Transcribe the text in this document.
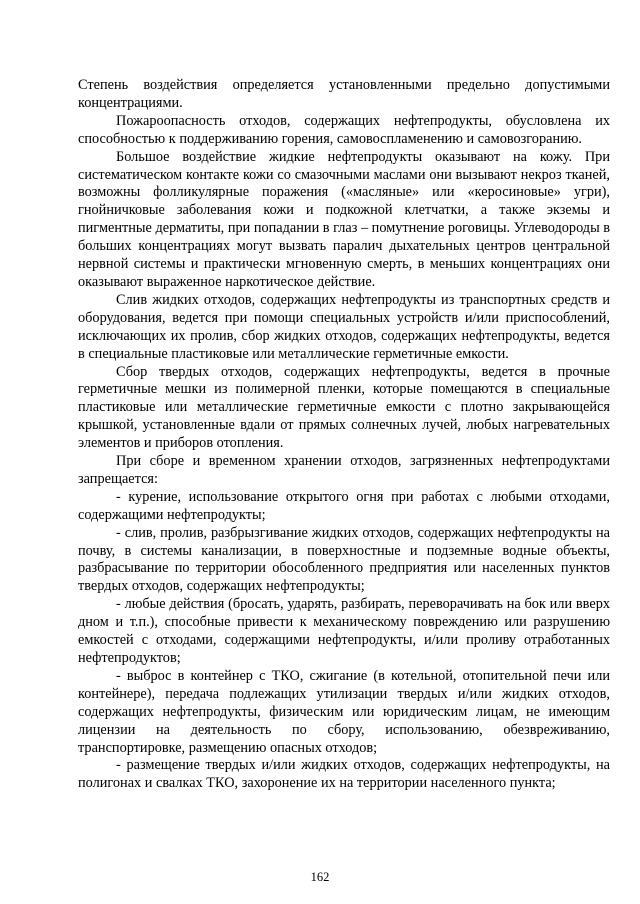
Степень воздействия определяется установленными предельно допустимыми концентрациями.

Пожароопасность отходов, содержащих нефтепродукты, обусловлена их способностью к поддерживанию горения, самовоспламенению и самовозгоранию.

Большое воздействие жидкие нефтепродукты оказывают на кожу. При систематическом контакте кожи со смазочными маслами они вызывают некроз тканей, возможны фолликулярные поражения («масляные» или «керосиновые» угри), гнойничковые заболевания кожи и подкожной клетчатки, а также экземы и пигментные дерматиты, при попадании в глаз – помутнение роговицы. Углеводороды в больших концентрациях могут вызвать паралич дыхательных центров центральной нервной системы и практически мгновенную смерть, в меньших концентрациях они оказывают выраженное наркотическое действие.

Слив жидких отходов, содержащих нефтепродукты из транспортных средств и оборудования, ведется при помощи специальных устройств и/или приспособлений, исключающих их пролив, сбор жидких отходов, содержащих нефтепродукты, ведется в специальные пластиковые или металлические герметичные емкости.

Сбор твердых отходов, содержащих нефтепродукты, ведется в прочные герметичные мешки из полимерной пленки, которые помещаются в специальные пластиковые или металлические герметичные емкости с плотно закрывающейся крышкой, установленные вдали от прямых солнечных лучей, любых нагревательных элементов и приборов отопления.

При сборе и временном хранении отходов, загрязненных нефтепродуктами запрещается:

- курение, использование открытого огня при работах с любыми отходами, содержащими нефтепродукты;

- слив, пролив, разбрызгивание жидких отходов, содержащих нефтепродукты на почву, в системы канализации, в поверхностные и подземные водные объекты, разбрасывание по территории обособленного предприятия или населенных пунктов твердых отходов, содержащих нефтепродукты;

- любые действия (бросать, ударять, разбирать, переворачивать на бок или вверх дном и т.п.), способные привести к механическому повреждению или разрушению емкостей с отходами, содержащими нефтепродукты, и/или проливу отработанных нефтепродуктов;

- выброс в контейнер с ТКО, сжигание (в котельной, отопительной печи или контейнере), передача подлежащих утилизации твердых и/или жидких отходов, содержащих нефтепродукты, физическим или юридическим лицам, не имеющим лицензии на деятельность по сбору, использованию, обезвреживанию, транспортировке, размещению опасных отходов;

- размещение твердых и/или жидких отходов, содержащих нефтепродукты, на полигонах и свалках ТКО, захоронение их на территории населенного пункта;

162
